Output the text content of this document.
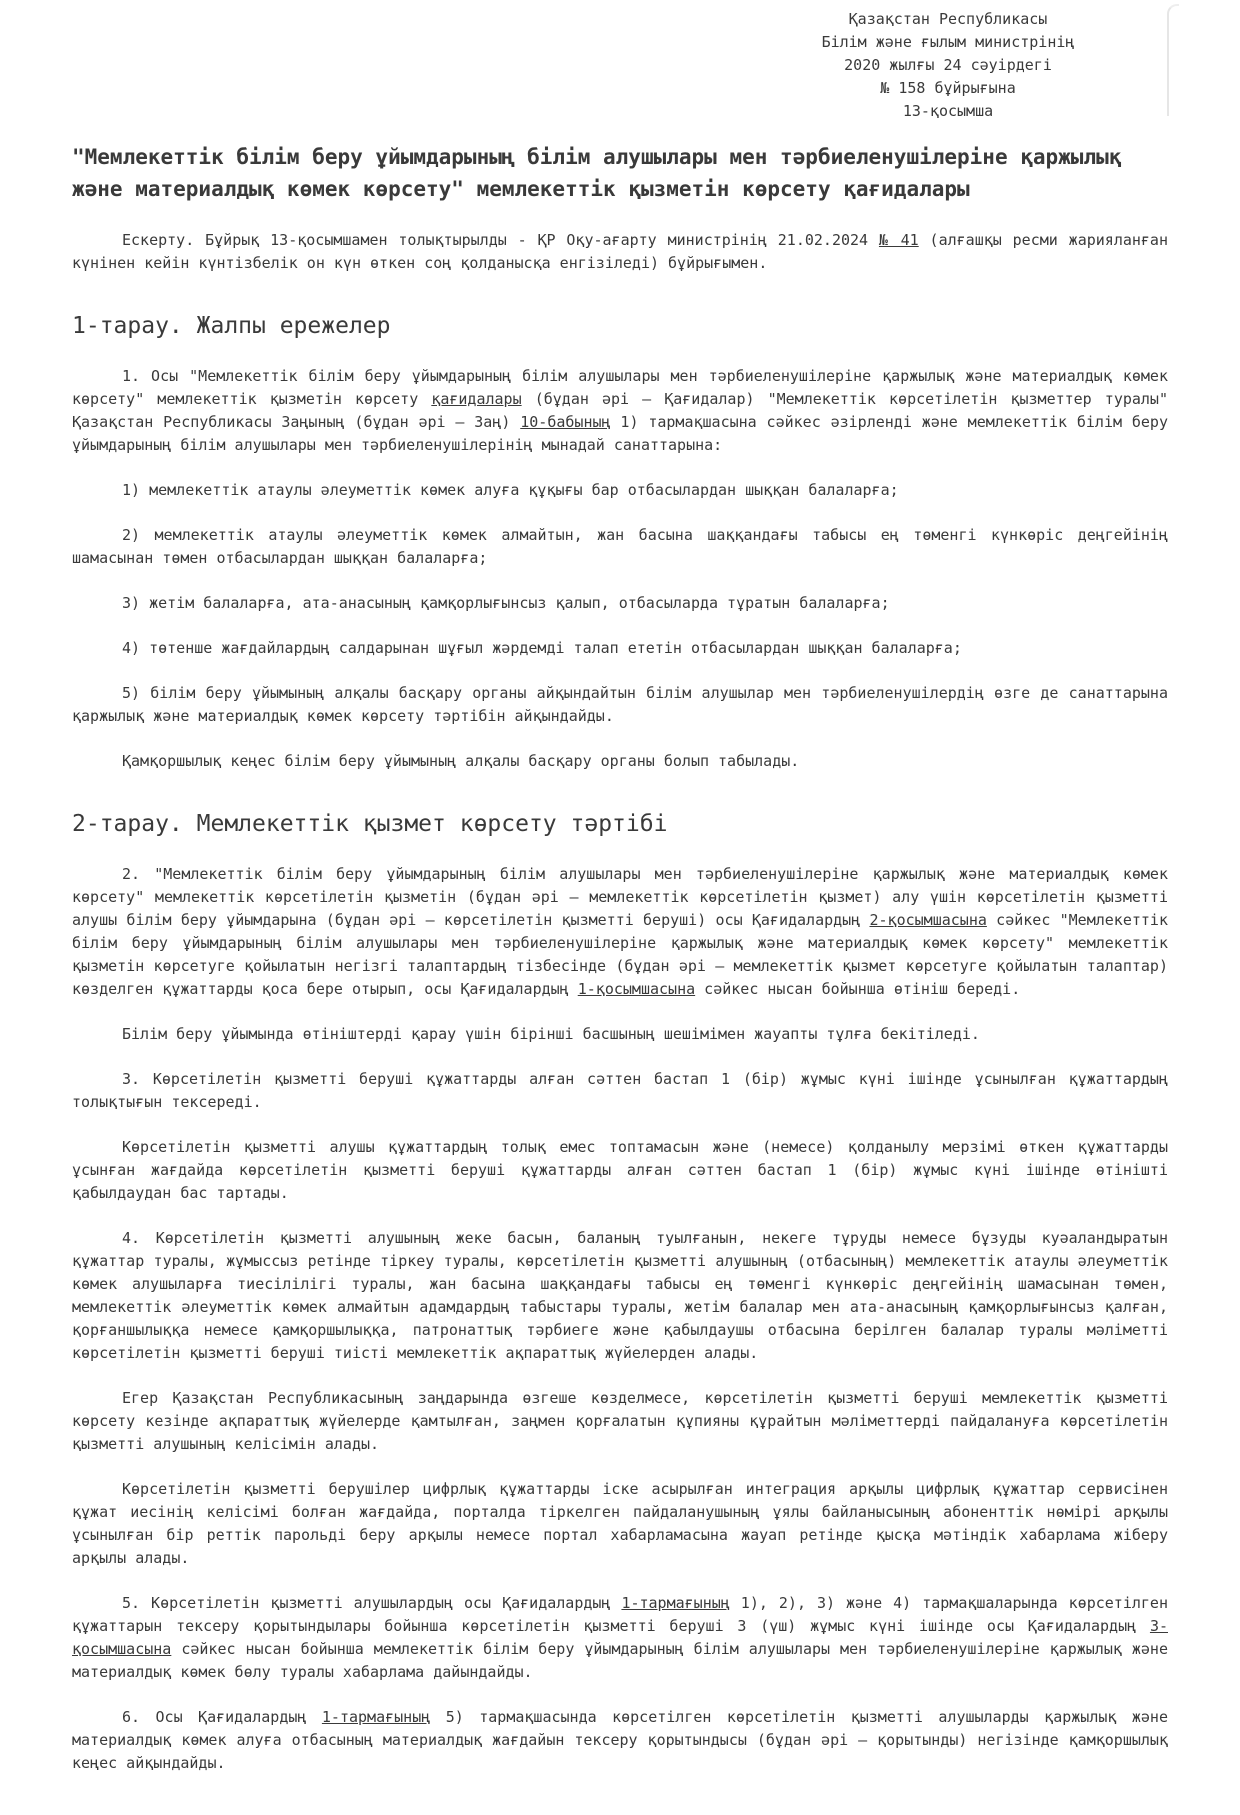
Қазақстан Республикасы
Білім және ғылым министрінің
2020 жылғы 24 сәуірдегі
№ 158 бұйрығына
13-қосымша
"Мемлекеттік білім беру ұйымдарының білім алушылары мен тәрбиеленушілеріне қаржылық және материалдық көмек көрсету" мемлекеттік қызметін көрсету қағидалары

Ескерту. Бұйрық 13-қосымшамен толықтырылды - ҚР Оқу-ағарту министрінің 21.02.2024 № 41 (алғашқы ресми жарияланған күнінен кейін күнтізбелік он күн өткен соң қолданысқа енгізіледі) бұйрығымен.

1-тарау. Жалпы ережелер

1. Осы "Мемлекеттік білім беру ұйымдарының білім алушылары мен тәрбиеленушілеріне қаржылық және материалдық көмек көрсету" мемлекеттік қызметін көрсету қағидалары (бұдан әрі – Қағидалар) "Мемлекеттік көрсетілетін қызметтер туралы" Қазақстан Республикасы Заңының (бұдан әрі – Заң) 10-бабының 1) тармақшасына сәйкес әзірленді және мемлекеттік білім беру ұйымдарының білім алушылары мен тәрбиеленушілерінің мынадай санаттарына:

1) мемлекеттік атаулы әлеуметтік көмек алуға құқығы бар отбасылардан шыққан балаларға;

2) мемлекеттік атаулы әлеуметтік көмек алмайтын, жан басына шаққандағы табысы ең төменгі күнкөріс деңгейінің шамасынан төмен отбасылардан шыққан балаларға;

3) жетім балаларға, ата-анасының қамқорлығынсыз қалып, отбасыларда тұратын балаларға;

4) төтенше жағдайлардың салдарынан шұғыл жәрдемді талап ететін отбасылардан шыққан балаларға;

5) білім беру ұйымының алқалы басқару органы айқындайтын білім алушылар мен тәрбиеленушілердің өзге де санаттарына қаржылық және материалдық көмек көрсету тәртібін айқындайды.

Қамқоршылық кеңес білім беру ұйымының алқалы басқару органы болып табылады.

2-тарау. Мемлекеттік қызмет көрсету тәртібі

2. "Мемлекеттік білім беру ұйымдарының білім алушылары мен тәрбиеленушілеріне қаржылық және материалдық көмек көрсету" мемлекеттік көрсетілетін қызметін (бұдан әрі – мемлекеттік көрсетілетін қызмет) алу үшін көрсетілетін қызметті алушы білім беру ұйымдарына (бұдан әрі – көрсетілетін қызметті беруші) осы Қағидалардың 2-қосымшасына сәйкес "Мемлекеттік білім беру ұйымдарының білім алушылары мен тәрбиеленушілеріне қаржылық және материалдық көмек көрсету" мемлекеттік қызметін көрсетуге қойылатын негізгі талаптардың тізбесінде (бұдан әрі – мемлекеттік қызмет көрсетуге қойылатын талаптар) көзделген құжаттарды қоса бере отырып, осы Қағидалардың 1-қосымшасына сәйкес нысан бойынша өтініш береді.

Білім беру ұйымында өтініштерді қарау үшін бірінші басшының шешімімен жауапты тұлға бекітіледі.

3. Көрсетілетін қызметті беруші құжаттарды алған сәттен бастап 1 (бір) жұмыс күні ішінде ұсынылған құжаттардың толықтығын тексереді.

Көрсетілетін қызметті алушы құжаттардың толық емес топтамасын және (немесе) қолданылу мерзімі өткен құжаттарды ұсынған жағдайда көрсетілетін қызметті беруші құжаттарды алған сәттен бастап 1 (бір) жұмыс күні ішінде өтінішті қабылдаудан бас тартады.

4. Көрсетілетін қызметті алушының жеке басын, баланың туылғанын, некеге тұруды немесе бұзуды куәаландыратын құжаттар туралы, жұмыссыз ретінде тіркеу туралы, көрсетілетін қызметті алушының (отбасының) мемлекеттік атаулы әлеуметтік көмек алушыларға тиесілілігі туралы, жан басына шаққандағы табысы ең төменгі күнкөріс деңгейінің шамасынан төмен, мемлекеттік әлеуметтік көмек алмайтын адамдардың табыстары туралы, жетім балалар мен ата-анасының қамқорлығынсыз қалған, қорғаншылыққа немесе қамқоршылыққа, патронаттық тәрбиеге және қабылдаушы отбасына берілген балалар туралы мәліметті көрсетілетін қызметті беруші тиісті мемлекеттік ақпараттық жүйелерден алады.

Егер Қазақстан Республикасының заңдарында өзгеше көзделмесе, көрсетілетін қызметті беруші мемлекеттік қызметті көрсету кезінде ақпараттық жүйелерде қамтылған, заңмен қорғалатын құпияны құрайтын мәліметтерді пайдалануға көрсетілетін қызметті алушының келісімін алады.

Көрсетілетін қызметті берушілер цифрлық құжаттарды іске асырылған интеграция арқылы цифрлық құжаттар сервисінен құжат иесінің келісімі болған жағдайда, порталда тіркелген пайдаланушының ұялы байланысының абоненттік нөмірі арқылы ұсынылған бір реттік парольді беру арқылы немесе портал хабарламасына жауап ретінде қысқа мәтіндік хабарлама жіберу арқылы алады.

5. Көрсетілетін қызметті алушылардың осы Қағидалардың 1-тармағының 1), 2), 3) және 4) тармақшаларында көрсетілген құжаттарын тексеру қорытындылары бойынша көрсетілетін қызметті беруші 3 (үш) жұмыс күні ішінде осы Қағидалардың 3-қосымшасына сәйкес нысан бойынша мемлекеттік білім беру ұйымдарының білім алушылары мен тәрбиеленушілеріне қаржылық және материалдық көмек бөлу туралы хабарлама дайындайды.

6. Осы Қағидалардың 1-тармағының 5) тармақшасында көрсетілген көрсетілетін қызметті алушыларды қаржылық және материалдық көмек алуға отбасының материалдық жағдайын тексеру қорытындысы (бұдан әрі – қорытынды) негізінде қамқоршылық кеңес айқындайды.
